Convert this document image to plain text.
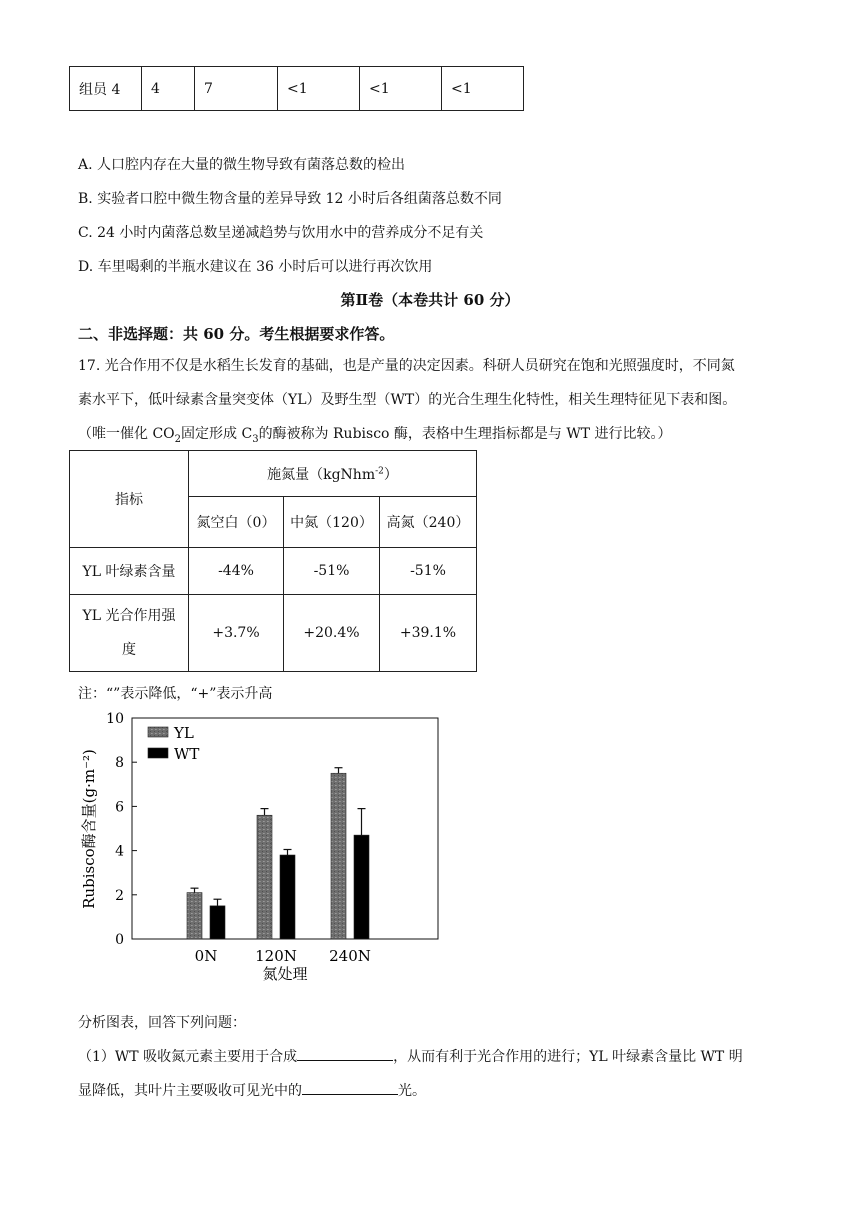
组员 4	4	7	<1	<1	<1
A. 人口腔内存在大量的微生物导致有菌落总数的检出
B. 实验者口腔中微生物含量的差异导致 12 小时后各组菌落总数不同
C. 24 小时内菌落总数呈递减趋势与饮用水中的营养成分不足有关
D. 车里喝剩的半瓶水建议在 36 小时后可以进行再次饮用
第Ⅱ卷（本卷共计 60 分）
二、非选择题：共 60 分。考生根据要求作答。
17. 光合作用不仅是水稻生长发育的基础，也是产量的决定因素。科研人员研究在饱和光照强度时，不同氮
素水平下，低叶绿素含量突变体（YL）及野生型（WT）的光合生理生化特性，相关生理特征见下表和图。
（唯一催化 $CO_2$固定形成 $C_3$的酶被称为 Rubisco 酶，表格中生理指标都是与 WT 进行比较。）
指标	施氮量（kgNhm$^{-2}$）		
	氮空白（0）	中氮（120）	高氮（240）
YL 叶绿素含量	-44%	-51%	-51%
YL 光合作用强
度	+3.7%	+20.4%	+39.1%
注：“”表示降低，“+”表示升高
0
2
4
6
8
10
0N	120N 240N
YL
WT
Rubisco酶含量(g·m⁻²)
氮处理
分析图表，回答下列问题：
（1）WT 吸收氮元素主要用于合成	，从而有利于光合作用的进行；YL 叶绿素含量比 WT 明
显降低，其叶片主要吸收可见光中的	光。
